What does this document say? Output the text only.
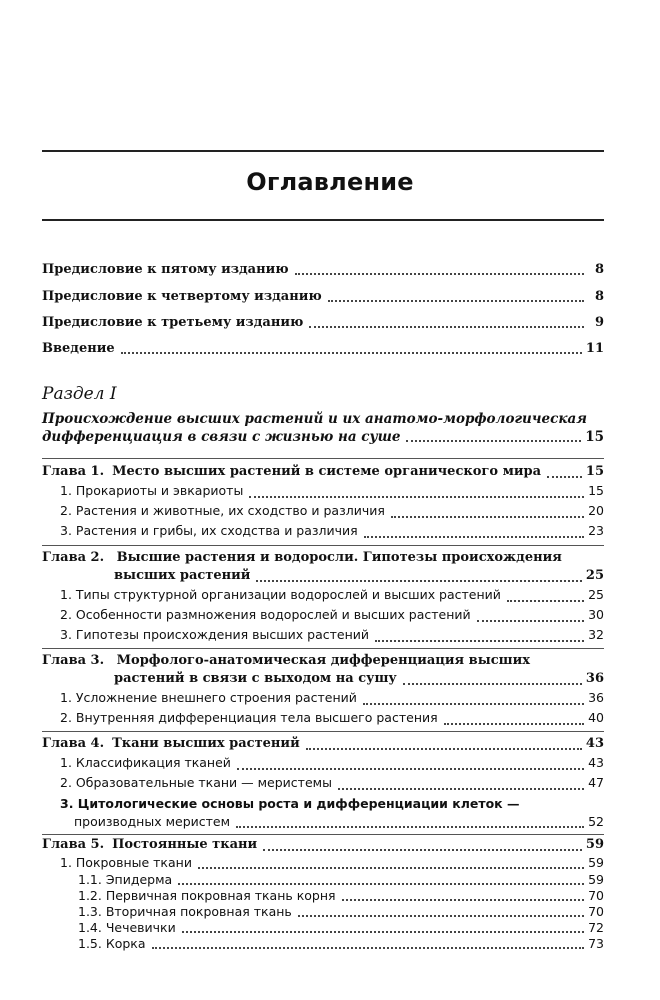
Оглавление
Предисловие к пятому изданию	8
Предисловие к четвертому изданию	8
Предисловие к третьему изданию	9
Введение	11
Раздел I
Происхождение высших растений и их анатомо-морфологическая
дифференциация в связи с жизнью на суше	15
Глава 1. Место высших растений в системе органического мира	15
1. Прокариоты и эвкариоты	15
2. Растения и животные, их сходство и различия	20
3. Растения и грибы, их сходства и различия	23
Глава 2. Высшие растения и водоросли. Гипотезы происхождения
высших растений	25
1. Типы структурной организации водорослей и высших растений	25
2. Особенности размножения водорослей и высших растений	30
3. Гипотезы происхождения высших растений	32
Глава 3. Морфолого-анатомическая дифференциация высших
растений в связи с выходом на сушу	36
1. Усложнение внешнего строения растений	36
2. Внутренняя дифференциация тела высшего растения	40
Глава 4. Ткани высших растений	43
1. Классификация тканей	43
2. Образовательные ткани — меристемы	47
3. Цитологические основы роста и дифференциации клеток —
производных меристем	52
Глава 5. Постоянные ткани	59
1. Покровные ткани	59
1.1. Эпидерма	59
1.2. Первичная покровная ткань корня	70
1.3. Вторичная покровная ткань	70
1.4. Чечевички	72
1.5. Корка	73
